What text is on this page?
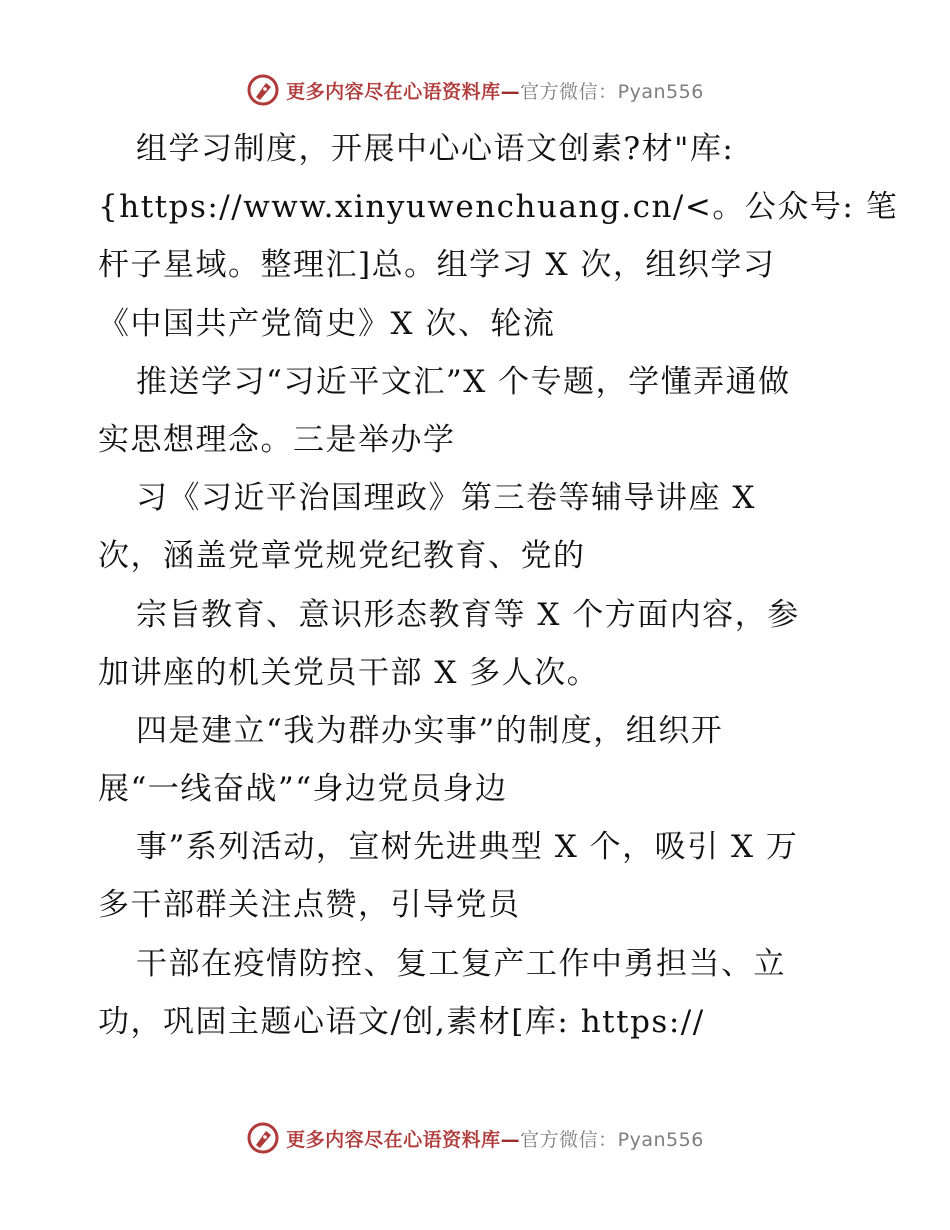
更多内容尽在心语资料库—官方微信：Pyan556
组学习制度，开展中心心语文创素?材"库:
{https://www.xinyuwenchuang.cn/<。公众号: 笔
杆子星域。整理汇]总。组学习 X 次，组织学习
《中国共产党简史》X 次、轮流
推送学习“习近平文汇”X 个专题，学懂弄通做
实思想理念。三是举办学
习《习近平治国理政》第三卷等辅导讲座 X
次，涵盖党章党规党纪教育、党的
宗旨教育、意识形态教育等 X 个方面内容，参
加讲座的机关党员干部 X 多人次。
四是建立“我为群办实事”的制度，组织开
展“一线奋战”“身边党员身边
事”系列活动，宣树先进典型 X 个，吸引 X 万
多干部群关注点赞，引导党员
干部在疫情防控、复工复产工作中勇担当、立
功，巩固主题心语文/创,素材[库: https://
更多内容尽在心语资料库—官方微信：Pyan556
